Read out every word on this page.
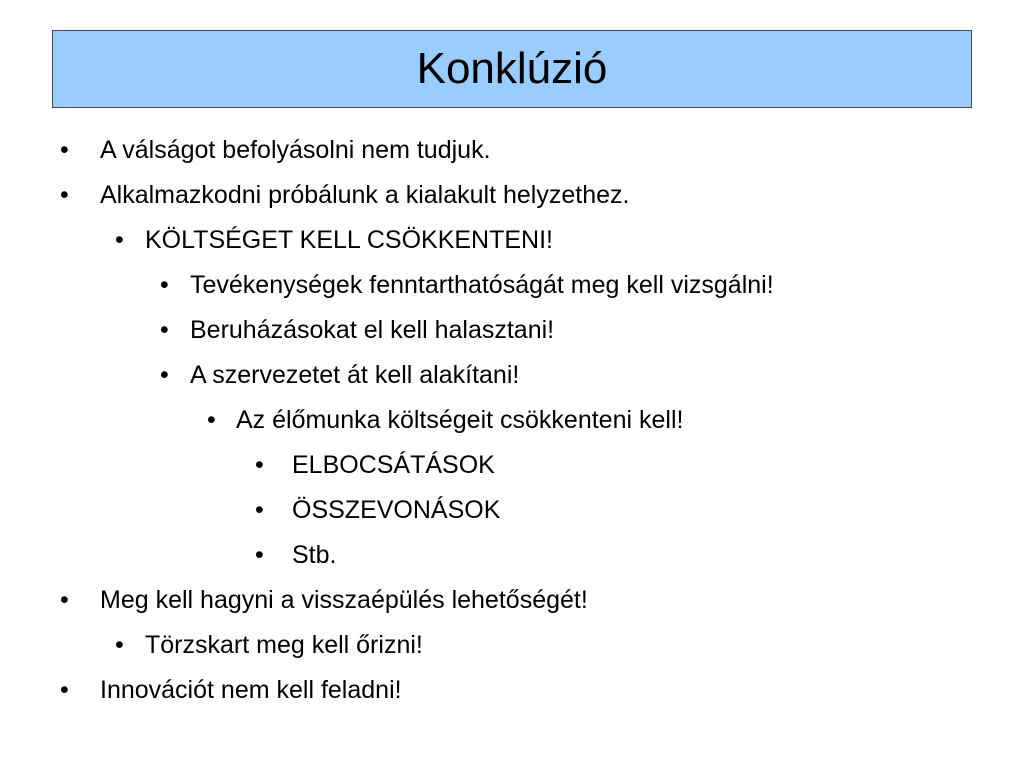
Konklúzió
• A válságot befolyásolni nem tudjuk.
• Alkalmazkodni próbálunk a kialakult helyzethez.
• KÖLTSÉGET KELL CSÖKKENTENI!
• Tevékenységek fenntarthatóságát meg kell vizsgálni!
• Beruházásokat el kell halasztani!
• A szervezetet át kell alakítani!
• Az élőmunka költségeit csökkenteni kell!
• ELBOCSÁTÁSOK
• ÖSSZEVONÁSOK
• Stb.
• Meg kell hagyni a visszaépülés lehetőségét!
• Törzskart meg kell őrizni!
• Innovációt nem kell feladni!
